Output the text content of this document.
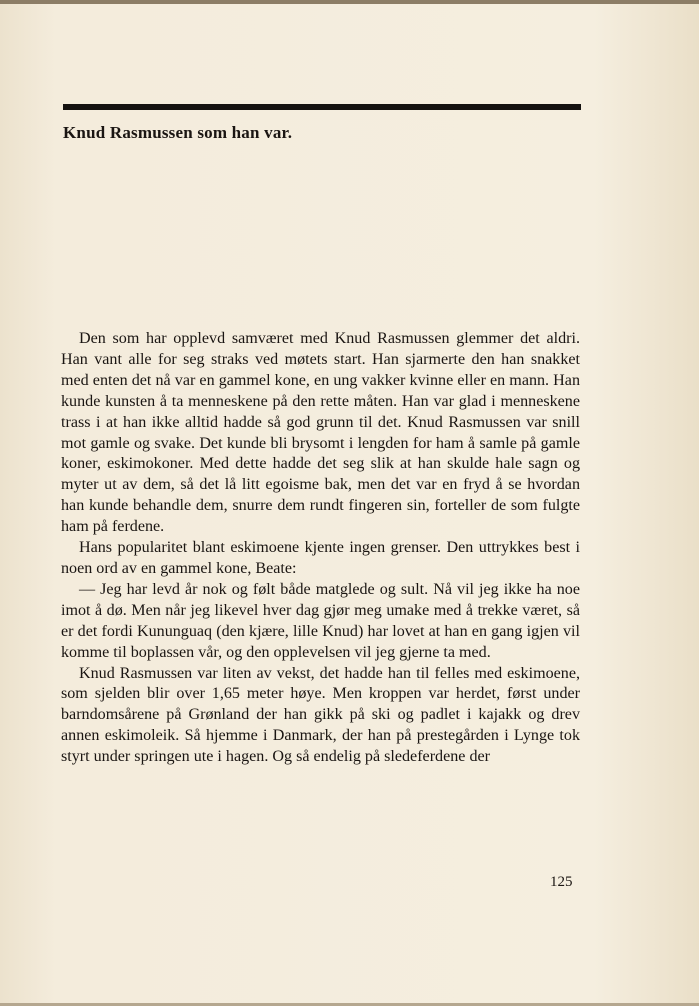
Knud Rasmussen som han var.

Den som har opplevd samværet med Knud Rasmussen glemmer det aldri. Han vant alle for seg straks ved møtets start. Han sjarmerte den han snakket med enten det nå var en gammel kone, en ung vakker kvinne eller en mann. Han kunde kunsten å ta menneskene på den rette måten. Han var glad i menneskene trass i at han ikke alltid hadde så god grunn til det. Knud Rasmussen var snill mot gamle og svake. Det kunde bli brysomt i lengden for ham å samle på gamle koner, eskimokoner. Med dette hadde det seg slik at han skulde hale sagn og myter ut av dem, så det lå litt egoisme bak, men det var en fryd å se hvordan han kunde behandle dem, snurre dem rundt fingeren sin, forteller de som fulgte ham på ferdene.

Hans popularitet blant eskimoene kjente ingen grenser. Den uttrykkes best i noen ord av en gammel kone, Beate:

— Jeg har levd år nok og følt både matglede og sult. Nå vil jeg ikke ha noe imot å dø. Men når jeg likevel hver dag gjør meg umake med å trekke været, så er det fordi Kununguaq (den kjære, lille Knud) har lovet at han en gang igjen vil komme til boplassen vår, og den opplevelsen vil jeg gjerne ta med.

Knud Rasmussen var liten av vekst, det hadde han til felles med eskimoene, som sjelden blir over 1,65 meter høye. Men kroppen var herdet, først under barndomsårene på Grønland der han gikk på ski og padlet i kajakk og drev annen eskimoleik. Så hjemme i Danmark, der han på prestegården i Lynge tok styrt under springen ute i hagen. Og så endelig på sledeferdene der

125
